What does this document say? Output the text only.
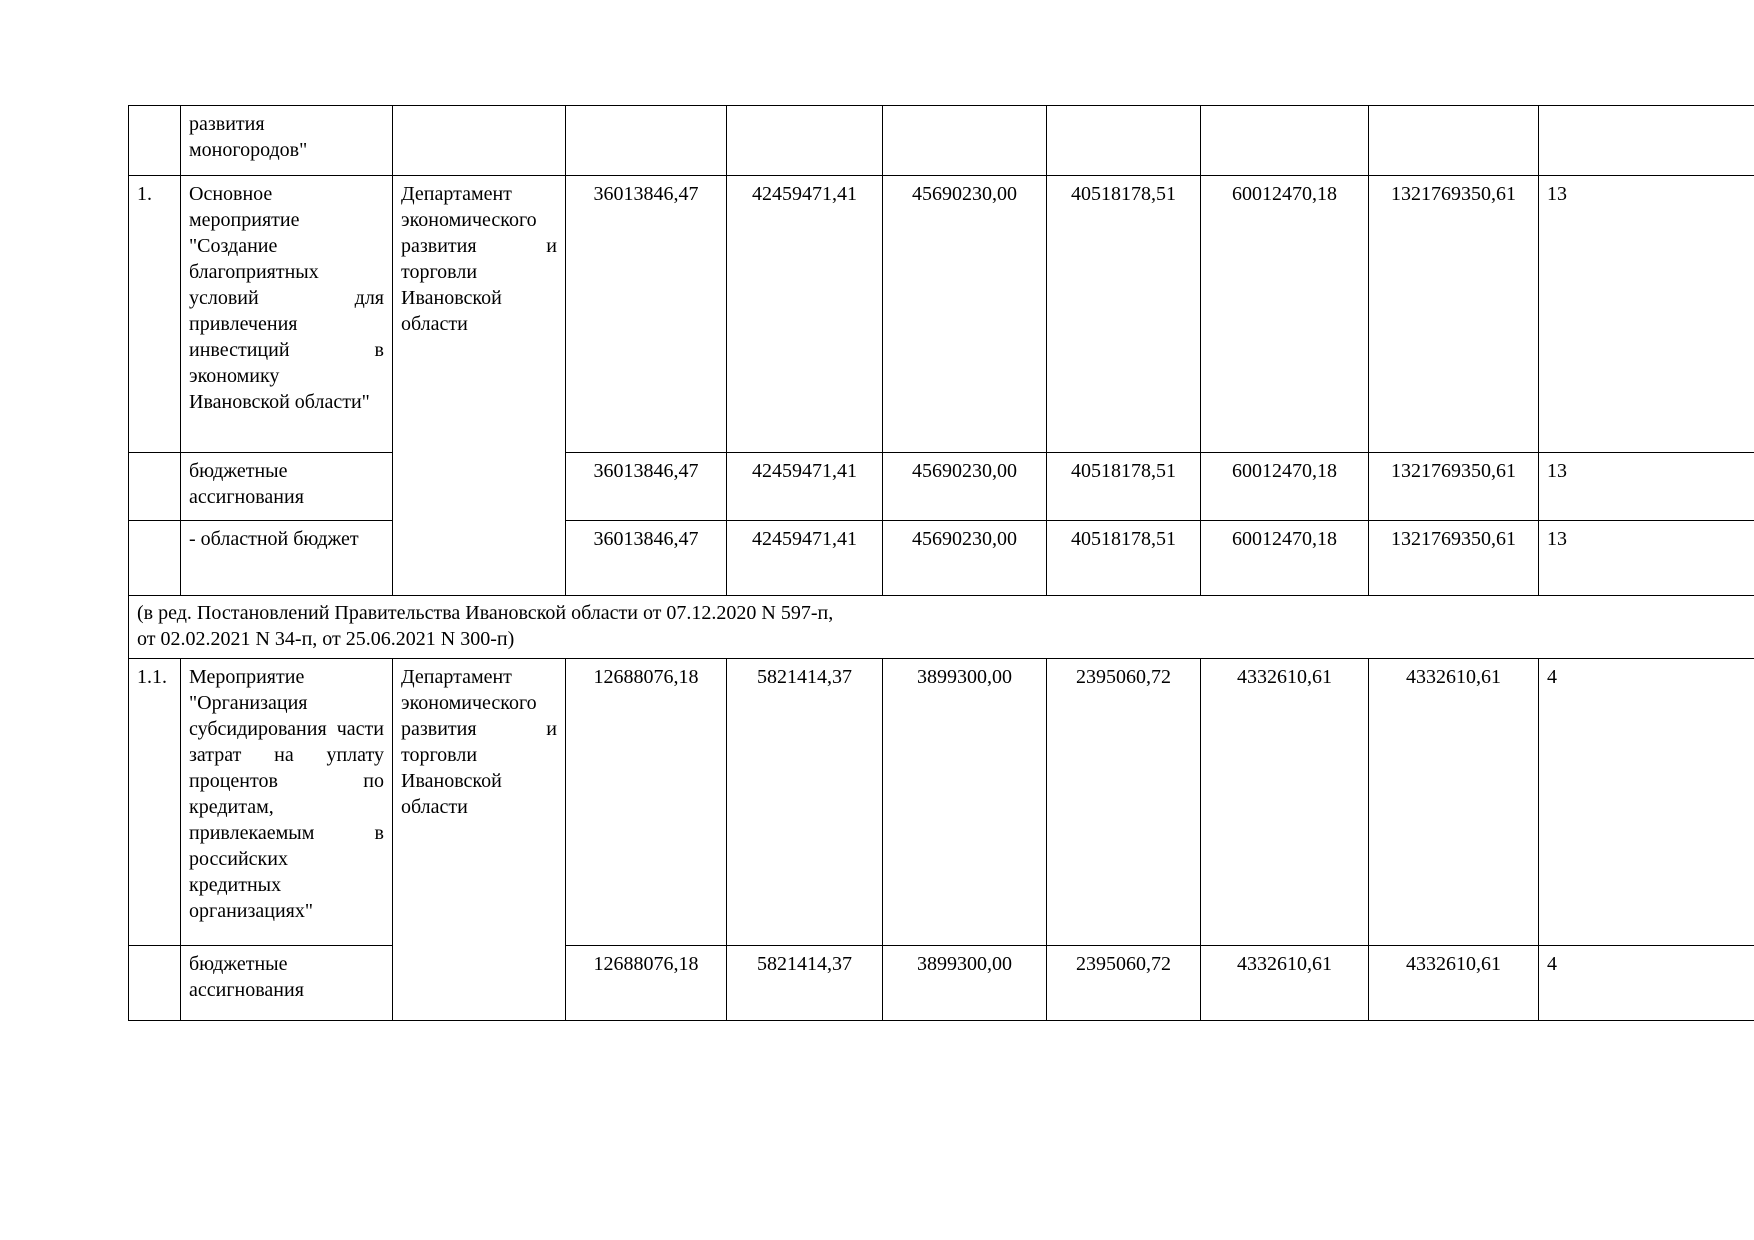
	развития моногородов"								
1.	Основное мероприятие "Создание благоприятных условий для привлечения инвестиций в экономику Ивановской области"	Департамент экономического развития и торговли Ивановской области	36013846,47	42459471,41	45690230,00	40518178,51	60012470,18	1321769350,61	13
	бюджетные ассигнования		36013846,47	42459471,41	45690230,00	40518178,51	60012470,18	1321769350,61	13
	- областной бюджет		36013846,47	42459471,41	45690230,00	40518178,51	60012470,18	1321769350,61	13

(в ред. Постановлений Правительства Ивановской области от 07.12.2020 N 597-п,
от 02.02.2021 N 34-п, от 25.06.2021 N 300-п)									

1.1.	Мероприятие "Организация субсидирования части затрат на уплату процентов по кредитам, привлекаемым в российских кредитных организациях"	Департамент экономического развития и торговли Ивановской области	12688076,18	5821414,37	3899300,00	2395060,72	4332610,61	4332610,61	4
	бюджетные ассигнования		12688076,18	5821414,37	3899300,00	2395060,72	4332610,61	4332610,61	4
